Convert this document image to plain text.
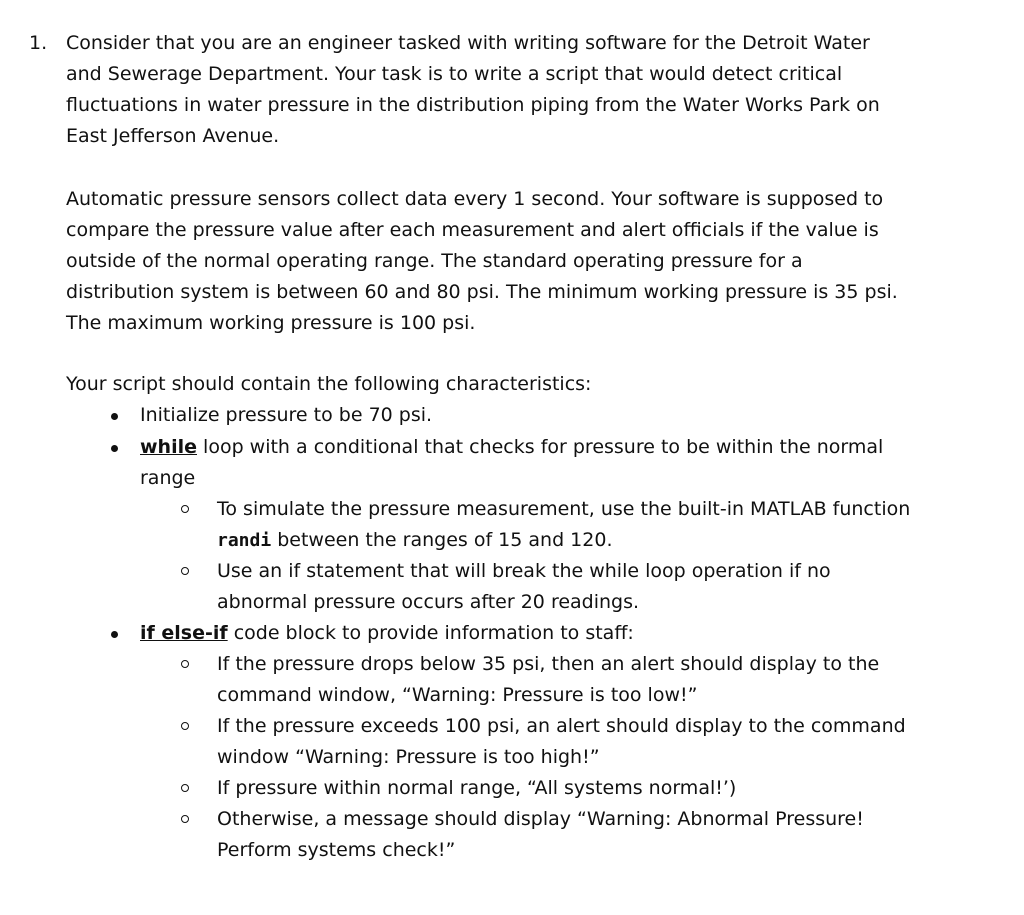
1. Consider that you are an engineer tasked with writing software for the Detroit Water
and Sewerage Department. Your task is to write a script that would detect critical
fluctuations in water pressure in the distribution piping from the Water Works Park on
East Jefferson Avenue.
Automatic pressure sensors collect data every 1 second. Your software is supposed to
compare the pressure value after each measurement and alert officials if the value is
outside of the normal operating range. The standard operating pressure for a
distribution system is between 60 and 80 psi. The minimum working pressure is 35 psi.
The maximum working pressure is 100 psi.
Your script should contain the following characteristics:
Initialize pressure to be 70 psi.
while loop with a conditional that checks for pressure to be within the normal
range
To simulate the pressure measurement, use the built-in MATLAB function
randi between the ranges of 15 and 120.
Use an if statement that will break the while loop operation if no
abnormal pressure occurs after 20 readings.
if else-if code block to provide information to staff:
If the pressure drops below 35 psi, then an alert should display to the
command window, “Warning: Pressure is too low!”
If the pressure exceeds 100 psi, an alert should display to the command
window “Warning: Pressure is too high!”
If pressure within normal range, “All systems normal!’)
Otherwise, a message should display “Warning: Abnormal Pressure!
Perform systems check!”
